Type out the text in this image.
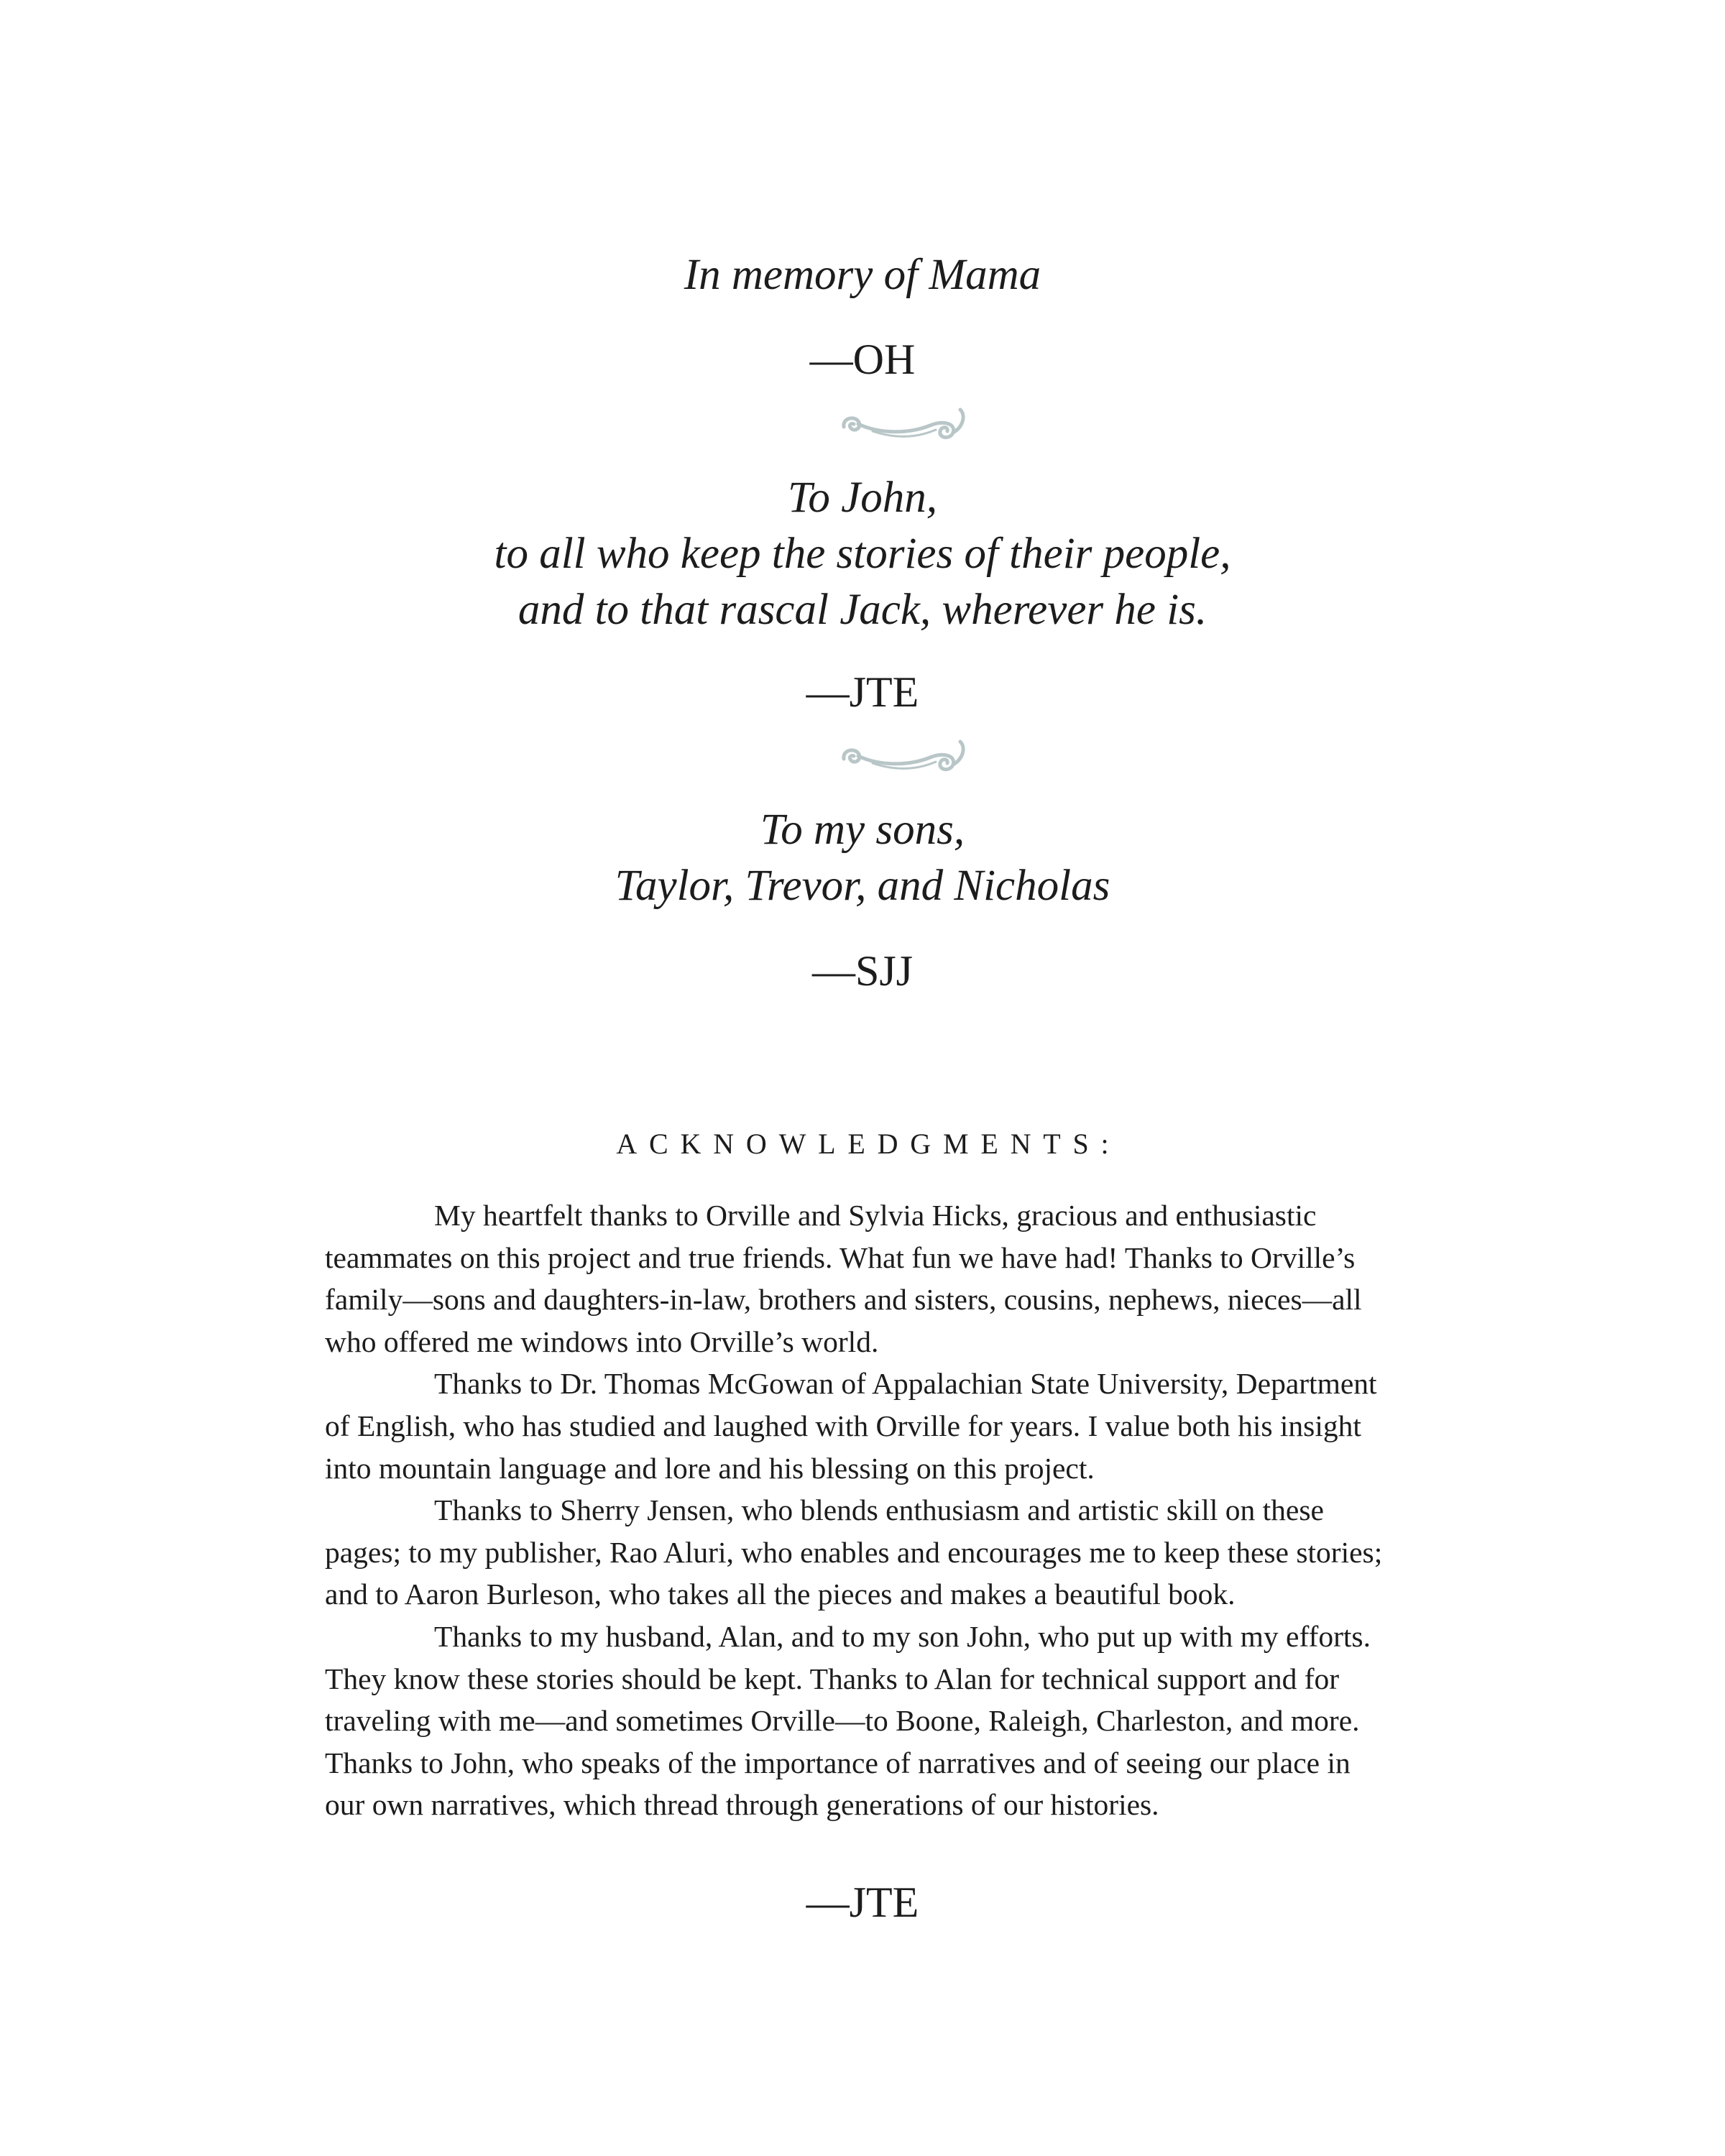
In memory of Mama
—OH
To John,
to all who keep the stories of their people,
and to that rascal Jack, wherever he is.
—JTE
To my sons,
Taylor, Trevor, and Nicholas
—SJJ
ACKNOWLEDGMENTS:

My heartfelt thanks to Orville and Sylvia Hicks, gracious and enthusiastic
teammates on this project and true friends. What fun we have had! Thanks to Orville’s
family—sons and daughters-in-law, brothers and sisters, cousins, nephews, nieces—all
who offered me windows into Orville’s world.

Thanks to Dr. Thomas McGowan of Appalachian State University, Department
of English, who has studied and laughed with Orville for years. I value both his insight
into mountain language and lore and his blessing on this project.

Thanks to Sherry Jensen, who blends enthusiasm and artistic skill on these
pages; to my publisher, Rao Aluri, who enables and encourages me to keep these stories;
and to Aaron Burleson, who takes all the pieces and makes a beautiful book.

Thanks to my husband, Alan, and to my son John, who put up with my efforts.
They know these stories should be kept. Thanks to Alan for technical support and for
traveling with me—and sometimes Orville—to Boone, Raleigh, Charleston, and more.
Thanks to John, who speaks of the importance of narratives and of seeing our place in
our own narratives, which thread through generations of our histories.

—JTE
